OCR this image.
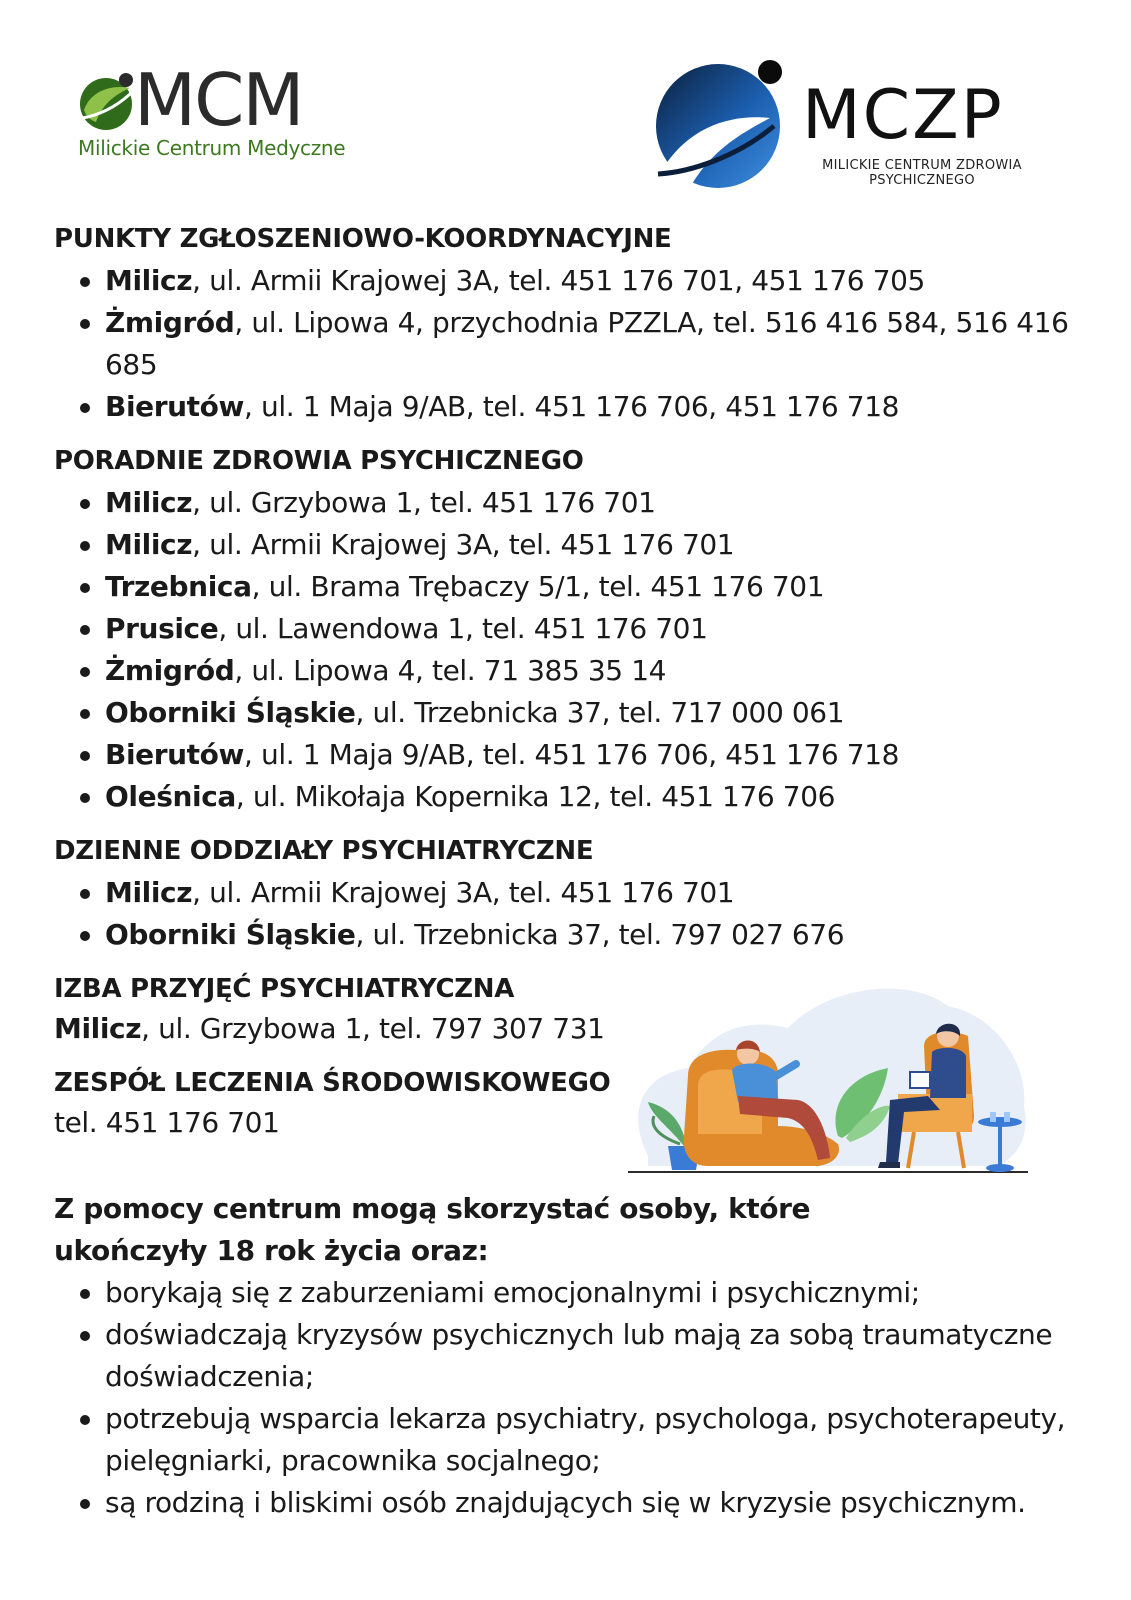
MCM
Milickie Centrum Medyczne	MCZP
MILICKIE CENTRUM ZDROWIA
PSYCHICZNEGO
PUNKTY ZGŁOSZENIOWO-KOORDYNACYJNE
Milicz, ul. Armii Krajowej 3A, tel. 451 176 701, 451 176 705
Żmigród, ul. Lipowa 4, przychodnia PZZLA, tel. 516 416 584, 516 416 685
Bierutów, ul. 1 Maja 9/AB, tel. 451 176 706, 451 176 718
PORADNIE ZDROWIA PSYCHICZNEGO
Milicz, ul. Grzybowa 1, tel. 451 176 701
Milicz, ul. Armii Krajowej 3A, tel. 451 176 701
Trzebnica, ul. Brama Trębaczy 5/1, tel. 451 176 701
Prusice, ul. Lawendowa 1, tel. 451 176 701
Żmigród, ul. Lipowa 4, tel. 71 385 35 14
Oborniki Śląskie, ul. Trzebnicka 37, tel. 717 000 061
Bierutów, ul. 1 Maja 9/AB, tel. 451 176 706, 451 176 718
Oleśnica, ul. Mikołaja Kopernika 12, tel. 451 176 706
DZIENNE ODDZIAŁY PSYCHIATRYCZNE
Milicz, ul. Armii Krajowej 3A, tel. 451 176 701
Oborniki Śląskie, ul. Trzebnicka 37, tel. 797 027 676
IZBA PRZYJĘĆ PSYCHIATRYCZNA
Milicz, ul. Grzybowa 1, tel. 797 307 731
ZESPÓŁ LECZENIA ŚRODOWISKOWEGO
tel. 451 176 701

Z pomocy centrum mogą skorzystać osoby, które ukończyły 18 rok życia oraz:

borykają się z zaburzeniami emocjonalnymi i psychicznymi;
doświadczają kryzysów psychicznych lub mają za sobą traumatyczne doświadczenia;
potrzebują wsparcia lekarza psychiatry, psychologa, psychoterapeuty, pielęgniarki, pracownika socjalnego;
są rodziną i bliskimi osób znajdujących się w kryzysie psychicznym.
